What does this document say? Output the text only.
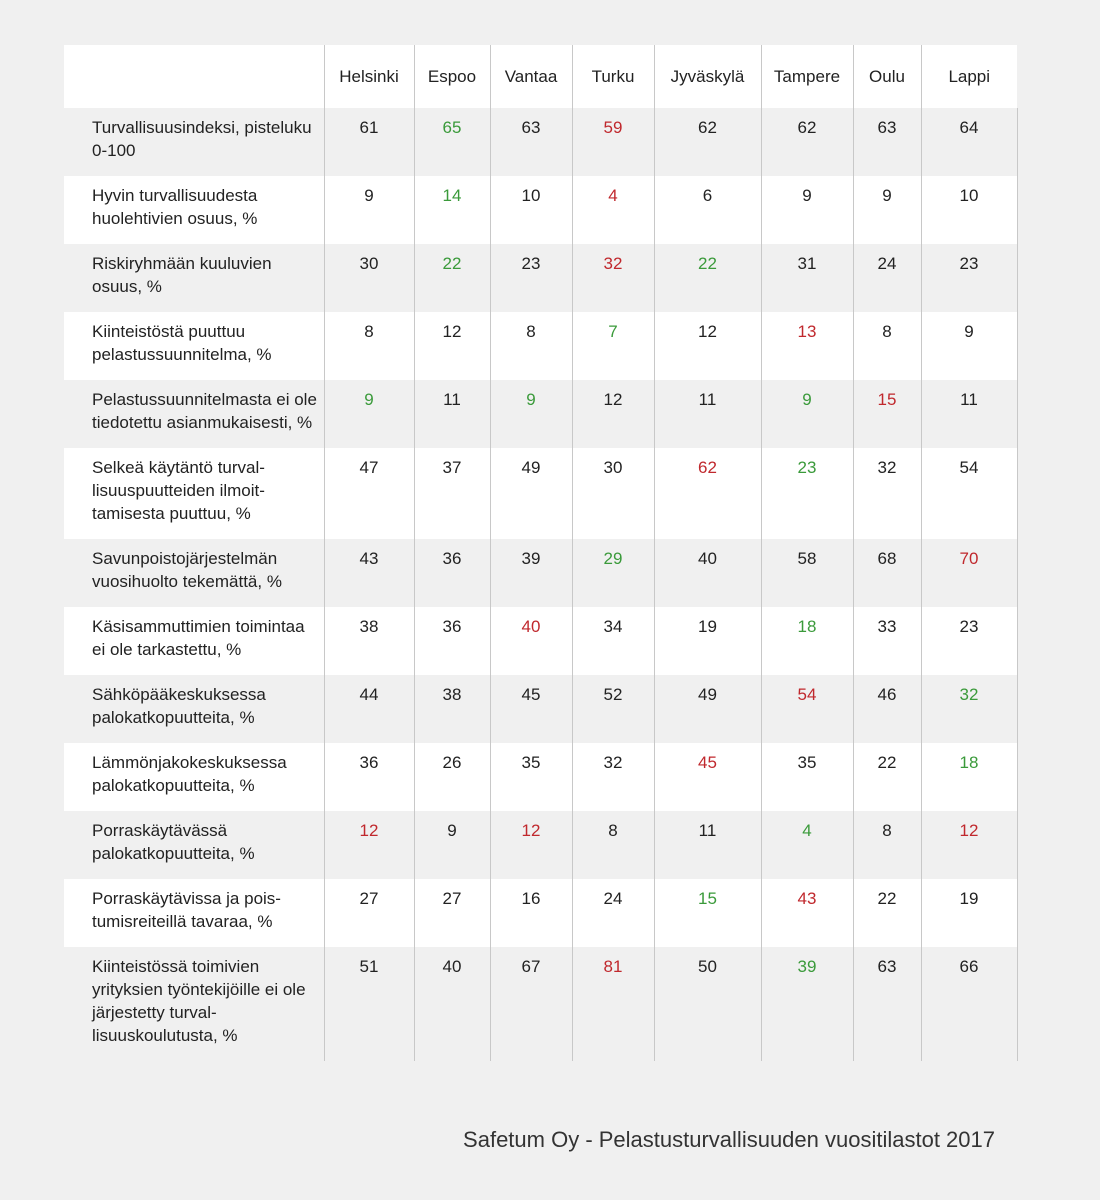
	Helsinki	Espoo	Vantaa	Turku	Jyväskylä	Tampere	Oulu	Lappi
Turvallisuusindeksi, pisteluku 0-100	61	65	63	59	62	62	63	64
Hyvin turvallisuudesta huolehtivien osuus, %	9	14	10	4	6	9	9	10
Riskiryhmään kuuluvien osuus, %	30	22	23	32	22	31	24	23
Kiinteistöstä puuttuu pelastussuunnitelma, %	8	12	8	7	12	13	8	9
Pelastussuunnitelmasta ei ole tiedotettu asianmukaisesti, %	9	11	9	12	11	9	15	11
Selkeä käytäntö turval-lisuuspuutteiden ilmoit-tamisesta puuttuu, %	47	37	49	30	62	23	32	54
Savunpoistojärjestelmän vuosihuolto tekemättä, %	43	36	39	29	40	58	68	70
Käsisammuttimien toimintaa ei ole tarkastettu, %	38	36	40	34	19	18	33	23
Sähköpääkeskuksessa palokatkopuutteita, %	44	38	45	52	49	54	46	32
Lämmönjakokeskuksessa palokatkopuutteita, %	36	26	35	32	45	35	22	18
Porraskäytävässä palokatkopuutteita, %	12	9	12	8	11	4	8	12
Porraskäytävissa ja pois-tumisreiteillä tavaraa, %	27	27	16	24	15	43	22	19
Kiinteistössä toimivien yrityksien työntekijöille ei ole järjestetty turval-lisuuskoulutusta, %	51	40	67	81	50	39	63	66
Safetum Oy - Pelastusturvallisuuden vuositilastot 2017
